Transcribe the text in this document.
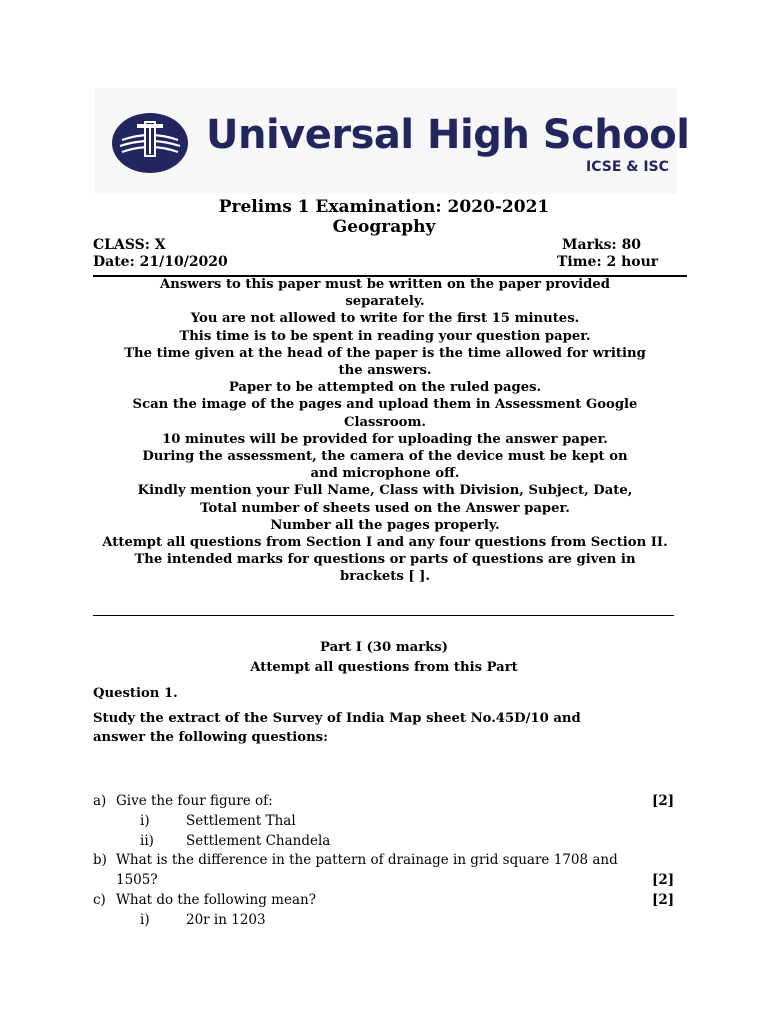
Universal High School
ICSE & ISC
Prelims 1 Examination: 2020-2021
Geography
CLASS: X
Date: 21/10/2020
Marks: 80
Time: 2 hour
Answers to this paper must be written on the paper provided
separately.
You are not allowed to write for the first 15 minutes.
This time is to be spent in reading your question paper.
The time given at the head of the paper is the time allowed for writing
the answers.
Paper to be attempted on the ruled pages.
Scan the image of the pages and upload them in Assessment Google
Classroom.
10 minutes will be provided for uploading the answer paper.
During the assessment, the camera of the device must be kept on
and microphone off.
Kindly mention your Full Name, Class with Division, Subject, Date,
Total number of sheets used on the Answer paper.
Number all the pages properly.
Attempt all questions from Section I and any four questions from Section II.
The intended marks for questions or parts of questions are given in
brackets [ ].
Part I (30 marks)
Attempt all questions from this Part
Question 1.
Study the extract of the Survey of India Map sheet No.45D/10 and
answer the following questions:
a) Give the four figure of:	[2]
i)	Settlement Thal
ii) Settlement Chandela
b) What is the difference in the pattern of drainage in grid square 1708 and
1505?	[2]
c) What do the following mean?	[2]
i)	20r in 1203
